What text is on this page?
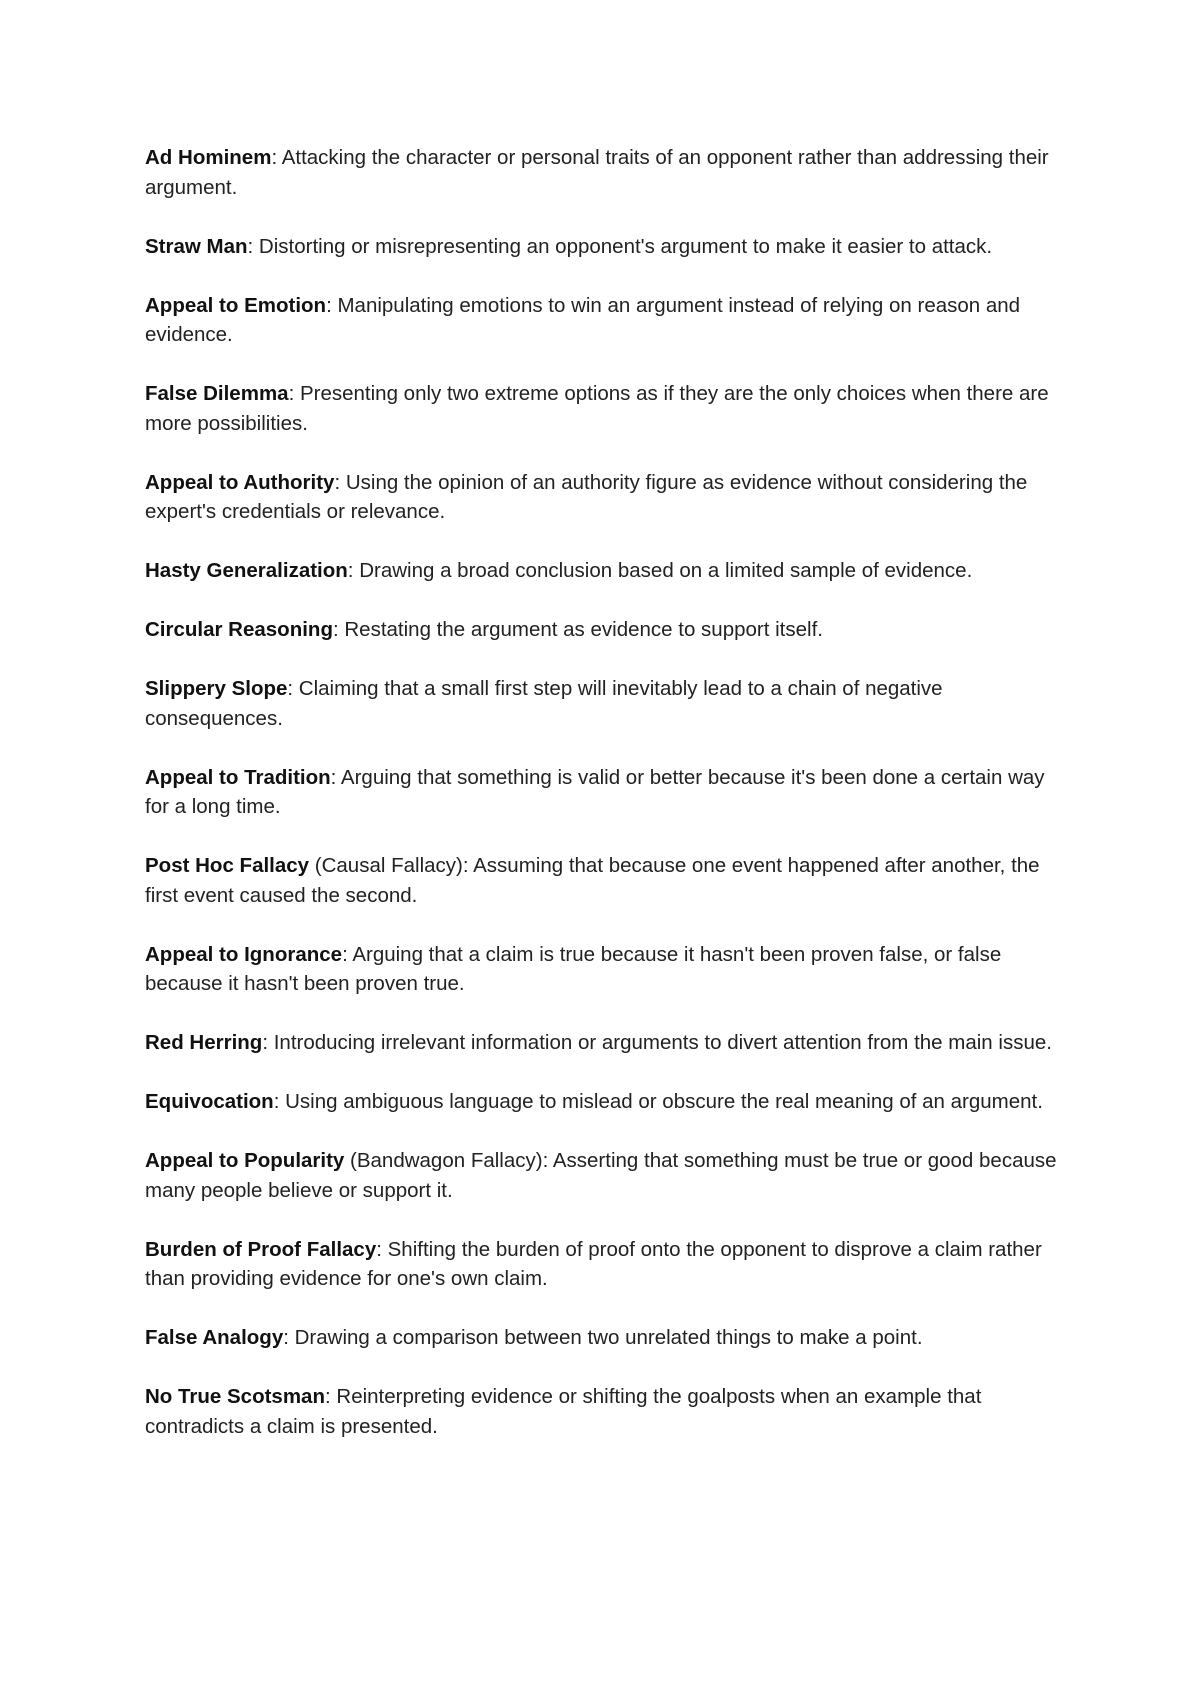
Ad Hominem: Attacking the character or personal traits of an opponent rather than addressing their argument.

Straw Man: Distorting or misrepresenting an opponent's argument to make it easier to attack.

Appeal to Emotion: Manipulating emotions to win an argument instead of relying on reason and evidence.

False Dilemma: Presenting only two extreme options as if they are the only choices when there are more possibilities.

Appeal to Authority: Using the opinion of an authority figure as evidence without considering the expert's credentials or relevance.

Hasty Generalization: Drawing a broad conclusion based on a limited sample of evidence.

Circular Reasoning: Restating the argument as evidence to support itself.

Slippery Slope: Claiming that a small first step will inevitably lead to a chain of negative consequences.

Appeal to Tradition: Arguing that something is valid or better because it's been done a certain way for a long time.

Post Hoc Fallacy (Causal Fallacy): Assuming that because one event happened after another, the first event caused the second.

Appeal to Ignorance: Arguing that a claim is true because it hasn't been proven false, or false because it hasn't been proven true.

Red Herring: Introducing irrelevant information or arguments to divert attention from the main issue.

Equivocation: Using ambiguous language to mislead or obscure the real meaning of an argument.

Appeal to Popularity (Bandwagon Fallacy): Asserting that something must be true or good because many people believe or support it.

Burden of Proof Fallacy: Shifting the burden of proof onto the opponent to disprove a claim rather than providing evidence for one's own claim.

False Analogy: Drawing a comparison between two unrelated things to make a point.

No True Scotsman: Reinterpreting evidence or shifting the goalposts when an example that contradicts a claim is presented.
